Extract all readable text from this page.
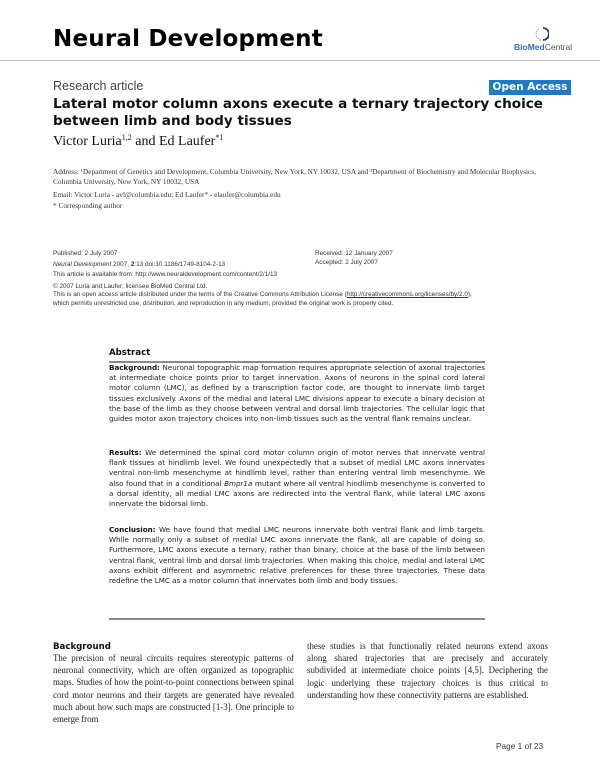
Neural Development	BioMedCentral
Research article	Open Access
Lateral motor column axons execute a ternary trajectory choice between limb and body tissues
Victor Luria$^{1,2}$ and Ed Laufer$^{*1}$
Address: ¹Department of Genetics and Development, Columbia University, New York, NY 10032, USA and ²Department of Biochemistry and Molecular Biophysics, Columbia University, New York, NY 10032, USA
Email: Victor Luria - avl@columbia.edu; Ed Laufer* - elaufer@columbia.edu
* Corresponding author
Published: 2 July 2007
Neural Development 2007, 2:13 doi:10.1186/1749-8104-2-13
Received: 12 January 2007
Accepted: 2 July 2007
This article is available from: http://www.neuraldevelopment.com/content/2/1/13
© 2007 Luria and Laufer; licensee BioMed Central Ltd.
This is an open access article distributed under the terms of the Creative Commons Attribution License (http://creativecommons.org/licenses/by/2.0),
which permits unrestricted use, distribution, and reproduction in any medium, provided the original work is properly cited.
Abstract
Background: Neuronal topographic map formation requires appropriate selection of axonal trajectories at intermediate choice points prior to target innervation. Axons of neurons in the spinal cord lateral motor column (LMC), as defined by a transcription factor code, are thought to innervate limb target tissues exclusively. Axons of the medial and lateral LMC divisions appear to execute a binary decision at the base of the limb as they choose between ventral and dorsal limb trajectories. The cellular logic that guides motor axon trajectory choices into non-limb tissues such as the ventral flank remains unclear.
Results: We determined the spinal cord motor column origin of motor nerves that innervate ventral flank tissues at hindlimb level. We found unexpectedly that a subset of medial LMC axons innervates ventral non-limb mesenchyme at hindlimb level, rather than entering ventral limb mesenchyme. We also found that in a conditional Bmpr1a mutant where all ventral hindlimb mesenchyme is converted to a dorsal identity, all medial LMC axons are redirected into the ventral flank, while lateral LMC axons innervate the bidorsal limb.
Conclusion: We have found that medial LMC neurons innervate both ventral flank and limb targets. While normally only a subset of medial LMC axons innervate the flank, all are capable of doing so. Furthermore, LMC axons execute a ternary, rather than binary, choice at the base of the limb between ventral flank, ventral limb and dorsal limb trajectories. When making this choice, medial and lateral LMC axons exhibit different and asymmetric relative preferences for these three trajectories. These data redefine the LMC as a motor column that innervates both limb and body tissues.
Background
The precision of neural circuits requires stereotypic patterns of neuronal connectivity, which are often organized as topographic maps. Studies of how the point-to-point connections between spinal cord motor neurons and their targets are generated have revealed much about how such maps are constructed [1-3]. One principle to emerge from
these studies is that functionally related neurons extend axons along shared trajectories that are precisely and accurately subdivided at intermediate choice points [4,5]. Deciphering the logic underlying these trajectory choices is thus critical to understanding how these connectivity patterns are established.
Page 1 of 23
